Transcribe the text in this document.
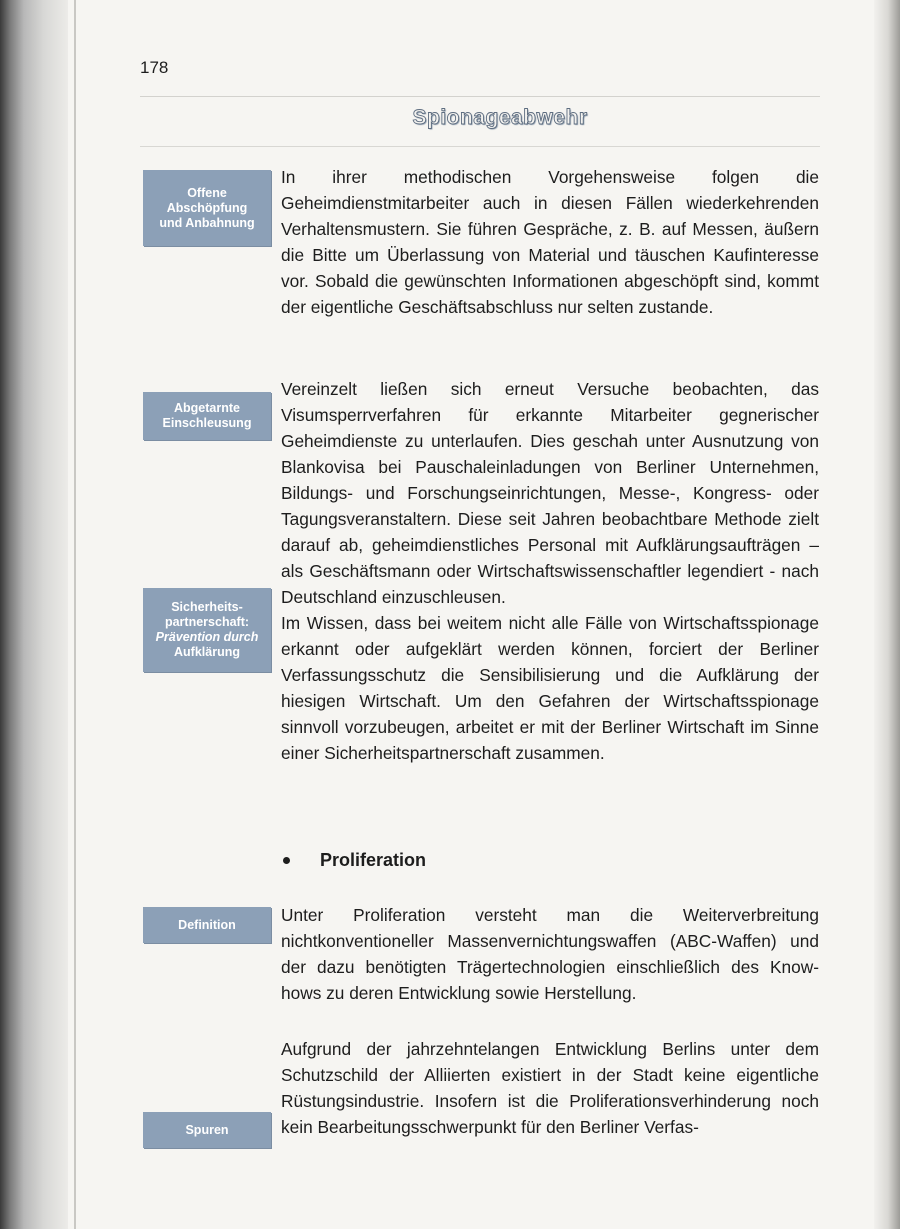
178
Spionageabwehr
Offene
Abschöpfung
und Anbahnung
Abgetarnte
Einschleusung
Sicherheits-
partnerschaft:
Prävention durch
Aufklärung
Definition
Spuren

In ihrer methodischen Vorgehensweise folgen die Geheimdienstmitarbeiter auch in diesen Fällen wiederkehrenden Verhaltensmustern. Sie führen Gespräche, z. B. auf Messen, äußern die Bitte um Überlassung von Material und täuschen Kaufinteresse vor. Sobald die gewünschten Informationen abgeschöpft sind, kommt der eigentliche Geschäftsabschluss nur selten zustande.

Vereinzelt ließen sich erneut Versuche beobachten, das Visumsperrverfahren für erkannte Mitarbeiter gegnerischer Geheimdienste zu unterlaufen. Dies geschah unter Ausnutzung von Blankovisa bei Pauschaleinladungen von Berliner Unternehmen, Bildungs- und Forschungseinrichtungen, Messe-, Kongress- oder Tagungsveranstaltern. Diese seit Jahren beobachtbare Methode zielt darauf ab, geheimdienstliches Personal mit Aufklärungsaufträgen – als Geschäftsmann oder Wirtschaftswissenschaftler legendiert - nach Deutschland einzuschleusen.

Im Wissen, dass bei weitem nicht alle Fälle von Wirtschaftsspionage erkannt oder aufgeklärt werden können, forciert der Berliner Verfassungsschutz die Sensibilisierung und die Aufklärung der hiesigen Wirtschaft. Um den Gefahren der Wirtschaftsspionage sinnvoll vorzubeugen, arbeitet er mit der Berliner Wirtschaft im Sinne einer Sicherheitspartnerschaft zusammen.

Proliferation

Unter Proliferation versteht man die Weiterverbreitung nichtkonventioneller Massenvernichtungswaffen (ABC-Waffen) und der dazu benötigten Trägertechnologien einschließlich des Know-hows zu deren Entwicklung sowie Herstellung.

Aufgrund der jahrzehntelangen Entwicklung Berlins unter dem Schutzschild der Alliierten existiert in der Stadt keine eigentliche Rüstungsindustrie. Insofern ist die Proliferationsverhinderung noch kein Bearbeitungsschwerpunkt für den Berliner Verfas-
